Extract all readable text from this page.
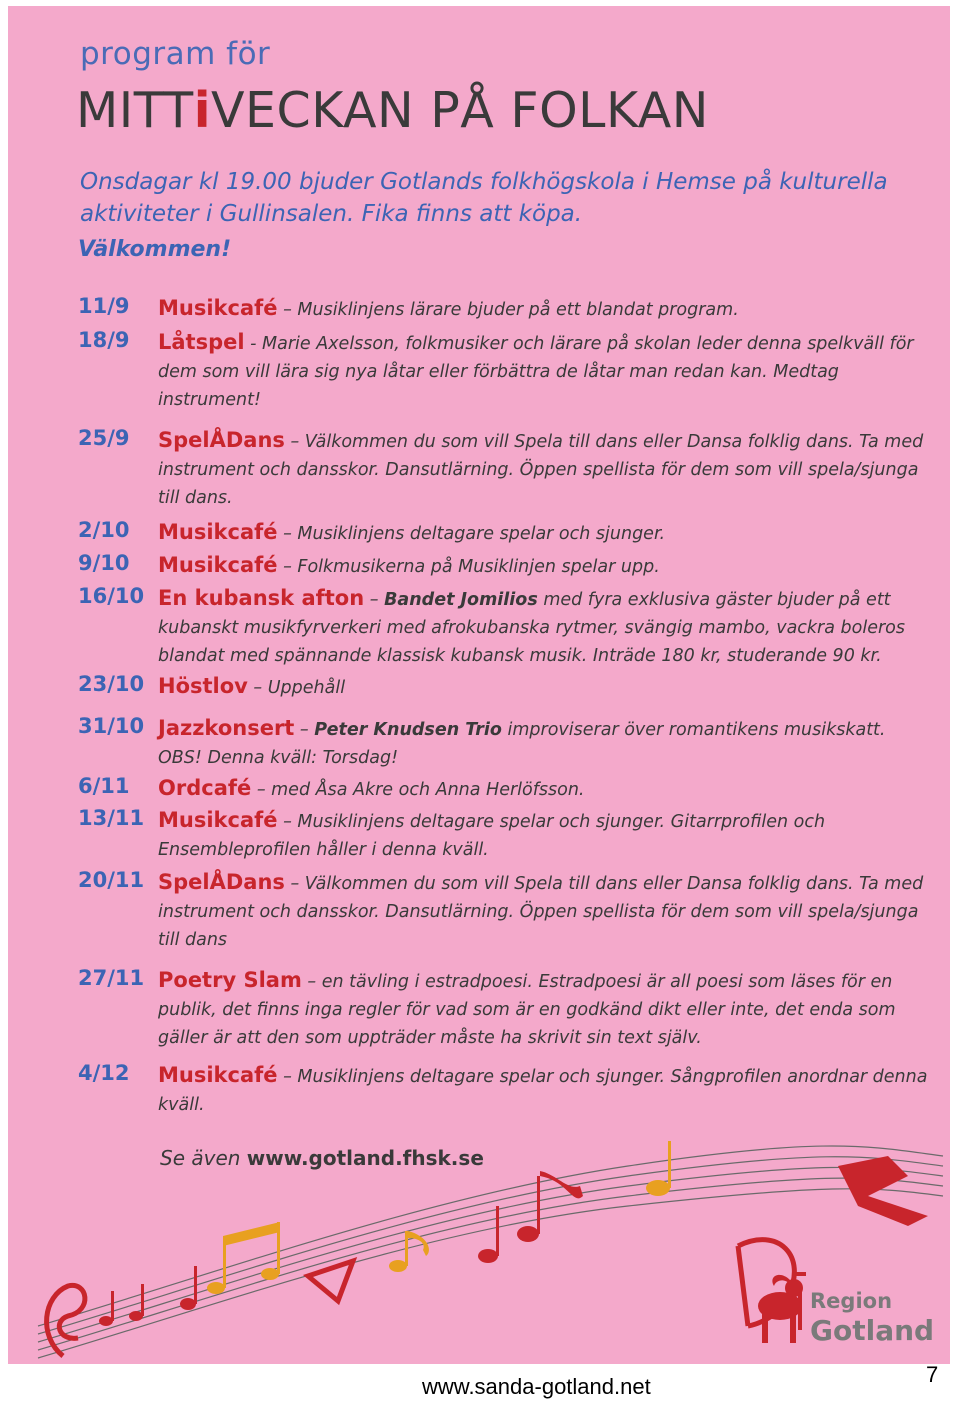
program för
MITTiVECKAN PÅ FOLKAN
Onsdagar kl 19.00 bjuder Gotlands folkhögskola i Hemse på kulturella aktiviteter i Gullinsalen. Fika finns att köpa.
Välkommen!
11/9 Musikcafé – Musiklinjens lärare bjuder på ett blandat program.
18/9 Låtspel - Marie Axelsson, folkmusiker och lärare på skolan leder denna spelkväll för dem som vill lära sig nya låtar eller förbättra de låtar man redan kan. Medtag instrument!
25/9 SpelÅDans – Välkommen du som vill Spela till dans eller Dansa folklig dans. Ta med instrument och dansskor. Dansutlärning. Öppen spellista för dem som vill spela/sjunga till dans.
2/10 Musikcafé – Musiklinjens deltagare spelar och sjunger.
9/10 Musikcafé – Folkmusikerna på Musiklinjen spelar upp.
16/10 En kubansk afton – Bandet Jomilios med fyra exklusiva gäster bjuder på ett kubanskt musikfyrverkeri med afrokubanska rytmer, svängig mambo, vackra boleros blandat med spännande klassisk kubansk musik. Inträde 180 kr, studerande 90 kr.
23/10 Höstlov – Uppehåll
31/10 Jazzkonsert – Peter Knudsen Trio improviserar över romantikens musikskatt. OBS! Denna kväll: Torsdag!
6/11 Ordcafé – med Åsa Akre och Anna Herlöfsson.
13/11 Musikcafé – Musiklinjens deltagare spelar och sjunger. Gitarrprofilen och Ensembleprofilen håller i denna kväll.
20/11 SpelÅDans – Välkommen du som vill Spela till dans eller Dansa folklig dans. Ta med instrument och dansskor. Dansutlärning. Öppen spellista för dem som vill spela/sjunga till dans
27/11 Poetry Slam – en tävling i estradpoesi. Estradpoesi är all poesi som läses för en publik, det finns inga regler för vad som är en godkänd dikt eller inte, det enda som gäller är att den som uppträder måste ha skrivit sin text själv.
4/12 Musikcafé – Musiklinjens deltagare spelar och sjunger. Sångprofilen anordnar denna kväll.
Se även www.gotland.fhsk.se
Region
Gotland
www.sanda-gotland.net	7
